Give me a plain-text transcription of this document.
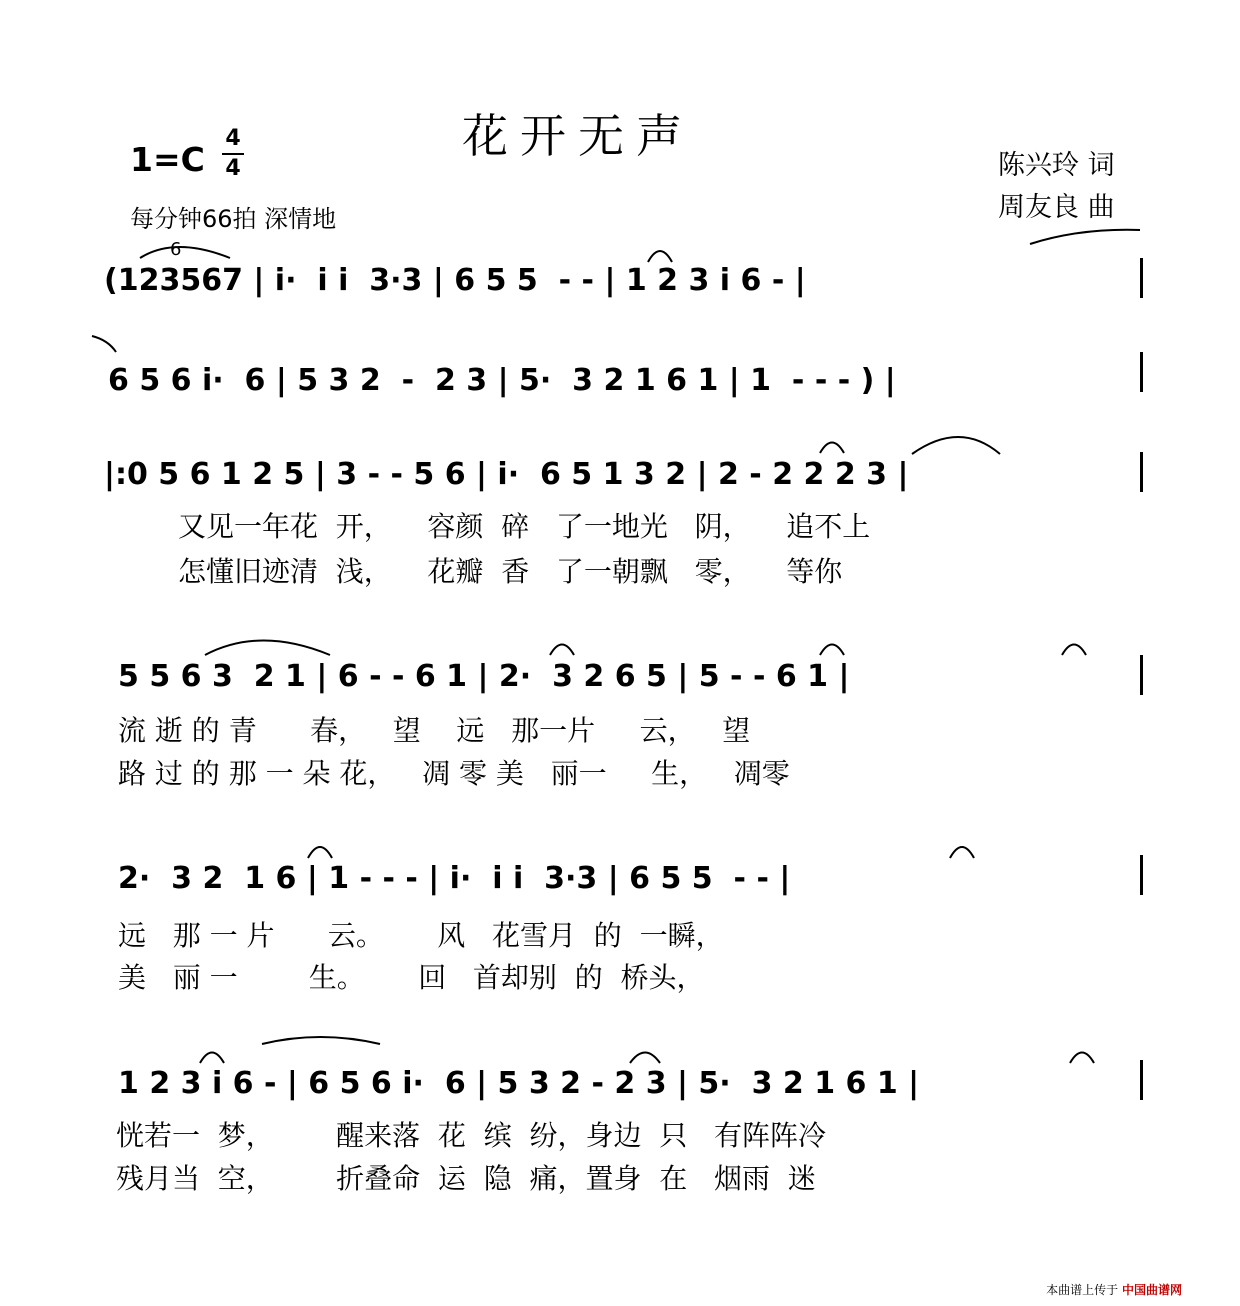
花开无声
1=C
4
4
每分钟66拍 深情地
陈兴玲 词
周友良 曲
6
(123567 | i·  i i  3·3 | 6 5 5  - - | 1 2 3 i 6 - |
6 5 6 i·  6 | 5 3 2  -  2 3 | 5·  3 2 1 6 1 | 1  - - - ) |
|:0 5 6 1 2 5 | 3 - - 5 6 | i·  6 5 1 3 2 | 2 - 2 2 2 3 |
又见一年花  开，    容颜  碎   了一地光   阴，    追不上
怎懂旧迹清  浅，    花瓣  香   了一朝飘   零，    等你
5 5 6 3  2 1 | 6 - - 6 1 | 2·  3 2 6 5 | 5 - - 6 1 |
流 逝 的 青      春，   望    远   那一片     云，   望
路 过 的 那 一 朵 花，   凋 零 美   丽一     生，   凋零
2·  3 2  1 6 | 1 - - - | i·  i i  3·3 | 6 5 5  - - |
远   那 一 片      云。      风   花雪月  的  一瞬，
美   丽 一        生。      回   首却别  的  桥头，
1 2 3 i 6 - | 6 5 6 i·  6 | 5 3 2 - 2 3 | 5·  3 2 1 6 1 |
恍若一  梦，       醒来落  花  缤  纷，身边  只   有阵阵冷
残月当  空，       折叠命  运  隐  痛，置身  在   烟雨  迷
本曲谱上传于 中国曲谱网
